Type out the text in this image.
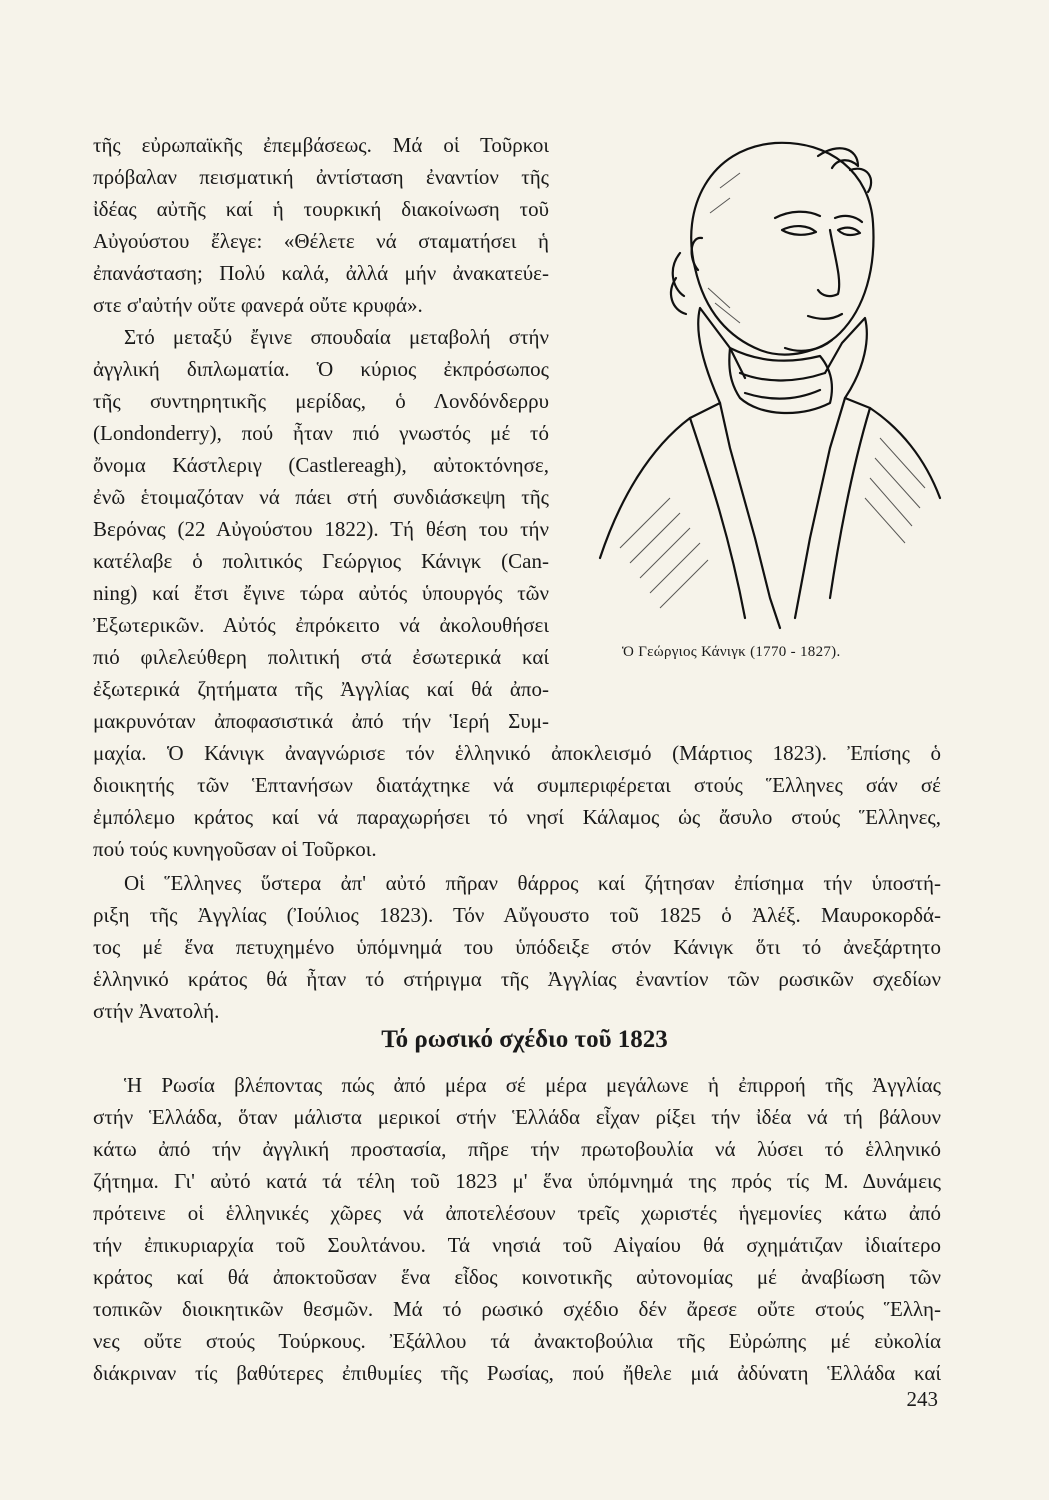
Ὁ Γεώργιος Κάνιγκ (1770 - 1827).
τῆς εὐρωπαϊκῆς ἐπεμβάσεως. Μά οἱ Τοῦρκοι
πρόβαλαν πεισματική ἀντίσταση ἐναντίον τῆς
ἰδέας αὐτῆς καί ἡ τουρκική διακοίνωση τοῦ
Αὐγούστου ἔλεγε: «Θέλετε νά σταματήσει ἡ
ἐπανάσταση; Πολύ καλά, ἀλλά μήν ἀνακατεύε-
στε σ'αὐτήν οὔτε φανερά οὔτε κρυφά».
Στό μεταξύ ἔγινε σπουδαία μεταβολή στήν
ἀγγλική διπλωματία. Ὁ κύριος ἐκπρόσωπος
τῆς συντηρητικῆς μερίδας, ὁ Λονδόνδερρυ
(Londonderry), πού ἦταν πιό γνωστός μέ τό
ὄνομα Κάστλεριγ (Castlereagh), αὐτοκτόνησε,
ἐνῶ ἑτοιμαζόταν νά πάει στή συνδιάσκεψη τῆς
Βερόνας (22 Αὐγούστου 1822). Τή θέση του τήν
κατέλαβε ὁ πολιτικός Γεώργιος Κάνιγκ (Can-
ning) καί ἔτσι ἔγινε τώρα αὐτός ὑπουργός τῶν
Ἐξωτερικῶν. Αὐτός ἐπρόκειτο νά ἀκολουθήσει
πιό φιλελεύθερη πολιτική στά ἐσωτερικά καί
ἐξωτερικά ζητήματα τῆς Ἀγγλίας καί θά ἀπο-
μακρυνόταν ἀποφασιστικά ἀπό τήν Ἱερή Συμ-
μαχία. Ὁ Κάνιγκ ἀναγνώρισε τόν ἑλληνικό ἀποκλεισμό (Μάρτιος 1823). Ἐπίσης ὁ
διοικητής τῶν Ἑπτανήσων διατάχτηκε νά συμπεριφέρεται στούς Ἕλληνες σάν σέ
ἐμπόλεμο κράτος καί νά παραχωρήσει τό νησί Κάλαμος ὡς ἄσυλο στούς Ἕλληνες,
πού τούς κυνηγοῦσαν οἱ Τοῦρκοι.
Οἱ Ἕλληνες ὕστερα ἀπ' αὐτό πῆραν θάρρος καί ζήτησαν ἐπίσημα τήν ὑποστή-
ριξη τῆς Ἀγγλίας (Ἰούλιος 1823). Τόν Αὔγουστο τοῦ 1825 ὁ Ἀλέξ. Μαυροκορδά-
τος μέ ἕνα πετυχημένο ὑπόμνημά του ὑπόδειξε στόν Κάνιγκ ὅτι τό ἀνεξάρτητο
ἑλληνικό κράτος θά ἦταν τό στήριγμα τῆς Ἀγγλίας ἐναντίον τῶν ρωσικῶν σχεδίων
στήν Ἀνατολή.
Τό ρωσικό σχέδιο τοῦ 1823
Ἡ Ρωσία βλέποντας πώς ἀπό μέρα σέ μέρα μεγάλωνε ἡ ἐπιρροή τῆς Ἀγγλίας
στήν Ἑλλάδα, ὅταν μάλιστα μερικοί στήν Ἑλλάδα εἶχαν ρίξει τήν ἰδέα νά τή βάλουν
κάτω ἀπό τήν ἀγγλική προστασία, πῆρε τήν πρωτοβουλία νά λύσει τό ἑλληνικό
ζήτημα. Γι' αὐτό κατά τά τέλη τοῦ 1823 μ' ἕνα ὑπόμνημά της πρός τίς Μ. Δυνάμεις
πρότεινε οἱ ἑλληνικές χῶρες νά ἀποτελέσουν τρεῖς χωριστές ἡγεμονίες κάτω ἀπό
τήν ἐπικυριαρχία τοῦ Σουλτάνου. Τά νησιά τοῦ Αἰγαίου θά σχημάτιζαν ἰδιαίτερο
κράτος καί θά ἀποκτοῦσαν ἕνα εἶδος κοινοτικῆς αὐτονομίας μέ ἀναβίωση τῶν
τοπικῶν διοικητικῶν θεσμῶν. Μά τό ρωσικό σχέδιο δέν ἄρεσε οὔτε στούς Ἕλλη-
νες οὔτε στούς Τούρκους. Ἐξάλλου τά ἀνακτοβούλια τῆς Εὐρώπης μέ εὐκολία
διάκριναν τίς βαθύτερες ἐπιθυμίες τῆς Ρωσίας, πού ἤθελε μιά ἀδύνατη Ἑλλάδα καί
243
